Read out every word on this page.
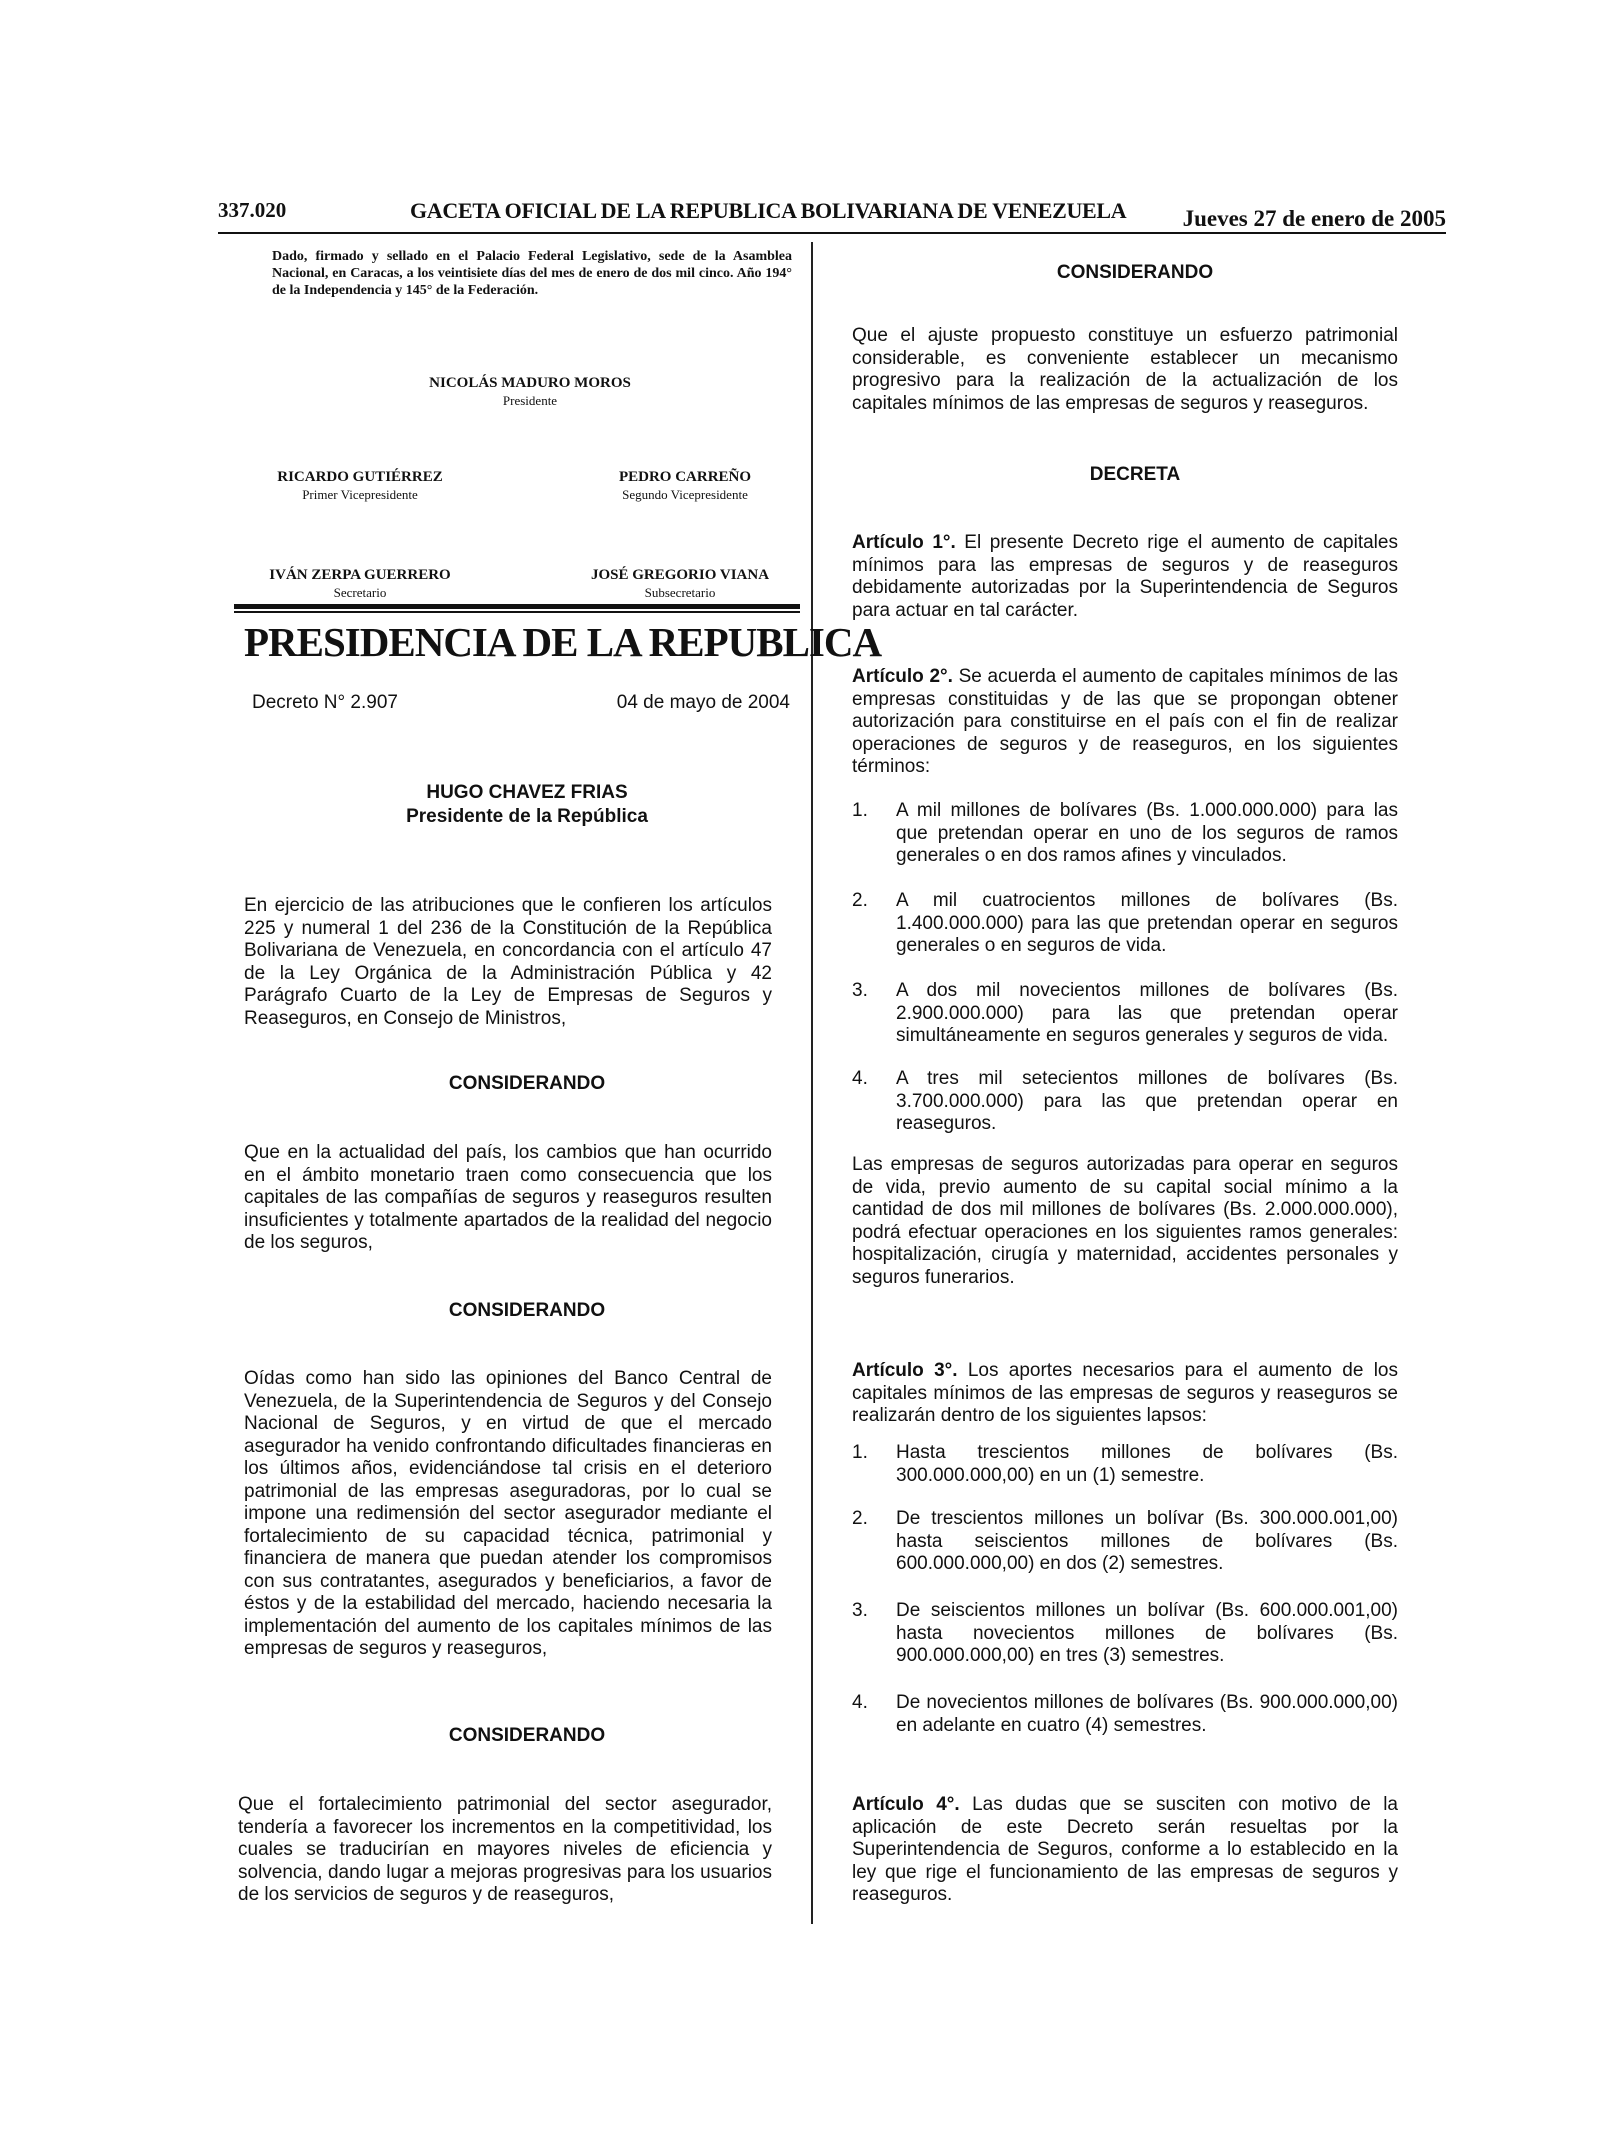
337.020	GACETA OFICIAL DE LA REPUBLICA BOLIVARIANA DE VENEZUELA Jueves 27 de enero de 2005
Dado, firmado y sellado en el Palacio Federal Legislativo, sede de la Asamblea Nacional, en Caracas, a los veintisiete días del mes de enero de dos mil cinco. Año 194° de la Independencia y 145° de la Federación.
NICOLÁS MADURO MOROS
Presidente
RICARDO GUTIÉRREZ
Primer Vicepresidente
PEDRO CARREÑO
Segundo Vicepresidente
IVÁN ZERPA GUERRERO
Secretario
JOSÉ GREGORIO VIANA
Subsecretario
PRESIDENCIA DE LA REPUBLICA
Decreto N° 2.907	04 de mayo de 2004
HUGO CHAVEZ FRIAS
Presidente de la República
En ejercicio de las atribuciones que le confieren los artículos 225 y numeral 1 del 236 de la Constitución de la República Bolivariana de Venezuela, en concordancia con el artículo 47 de la Ley Orgánica de la Administración Pública y 42 Parágrafo Cuarto de la Ley de Empresas de Seguros y Reaseguros, en Consejo de Ministros,
CONSIDERANDO
Que en la actualidad del país, los cambios que han ocurrido en el ámbito monetario traen como consecuencia que los capitales de las compañías de seguros y reaseguros resulten insuficientes y totalmente apartados de la realidad del negocio de los seguros,
CONSIDERANDO
Oídas como han sido las opiniones del Banco Central de Venezuela, de la Superintendencia de Seguros y del Consejo Nacional de Seguros, y en virtud de que el mercado asegurador ha venido confrontando dificultades financieras en los últimos años, evidenciándose tal crisis en el deterioro patrimonial de las empresas aseguradoras, por lo cual se impone una redimensión del sector asegurador mediante el fortalecimiento de su capacidad técnica, patrimonial y financiera de manera que puedan atender los compromisos con sus contratantes, asegurados y beneficiarios, a favor de éstos y de la estabilidad del mercado, haciendo necesaria la implementación del aumento de los capitales mínimos de las empresas de seguros y reaseguros,
CONSIDERANDO
Que el fortalecimiento patrimonial del sector asegurador, tendería a favorecer los incrementos en la competitividad, los cuales se traducirían en mayores niveles de eficiencia y solvencia, dando lugar a mejoras progresivas para los usuarios de los servicios de seguros y de reaseguros,
CONSIDERANDO
Que el ajuste propuesto constituye un esfuerzo patrimonial considerable, es conveniente establecer un mecanismo progresivo para la realización de la actualización de los capitales mínimos de las empresas de seguros y reaseguros.
DECRETA
Artículo 1°. El presente Decreto rige el aumento de capitales mínimos para las empresas de seguros y de reaseguros debidamente autorizadas por la Superintendencia de Seguros para actuar en tal carácter.
Artículo 2°. Se acuerda el aumento de capitales mínimos de las empresas constituidas y de las que se propongan obtener autorización para constituirse en el país con el fin de realizar operaciones de seguros y de reaseguros, en los siguientes términos:
1. A mil millones de bolívares (Bs. 1.000.000.000) para las que pretendan operar en uno de los seguros de ramos generales o en dos ramos afines y vinculados.
2. A mil cuatrocientos millones de bolívares (Bs. 1.400.000.000) para las que pretendan operar en seguros generales o en seguros de vida.
3. A dos mil novecientos millones de bolívares (Bs. 2.900.000.000) para las que pretendan operar simultáneamente en seguros generales y seguros de vida.
4. A tres mil setecientos millones de bolívares (Bs. 3.700.000.000) para las que pretendan operar en reaseguros.
Las empresas de seguros autorizadas para operar en seguros de vida, previo aumento de su capital social mínimo a la cantidad de dos mil millones de bolívares (Bs. 2.000.000.000), podrá efectuar operaciones en los siguientes ramos generales: hospitalización, cirugía y maternidad, accidentes personales y seguros funerarios.
Artículo 3°. Los aportes necesarios para el aumento de los capitales mínimos de las empresas de seguros y reaseguros se realizarán dentro de los siguientes lapsos:
1. Hasta trescientos millones de bolívares (Bs. 300.000.000,00) en un (1) semestre.
2. De trescientos millones un bolívar (Bs. 300.000.001,00) hasta seiscientos millones de bolívares (Bs. 600.000.000,00) en dos (2) semestres.
3. De seiscientos millones un bolívar (Bs. 600.000.001,00) hasta novecientos millones de bolívares (Bs. 900.000.000,00) en tres (3) semestres.
4. De novecientos millones de bolívares (Bs. 900.000.000,00) en adelante en cuatro (4) semestres.
Artículo 4°. Las dudas que se susciten con motivo de la aplicación de este Decreto serán resueltas por la Superintendencia de Seguros, conforme a lo establecido en la ley que rige el funcionamiento de las empresas de seguros y reaseguros.
